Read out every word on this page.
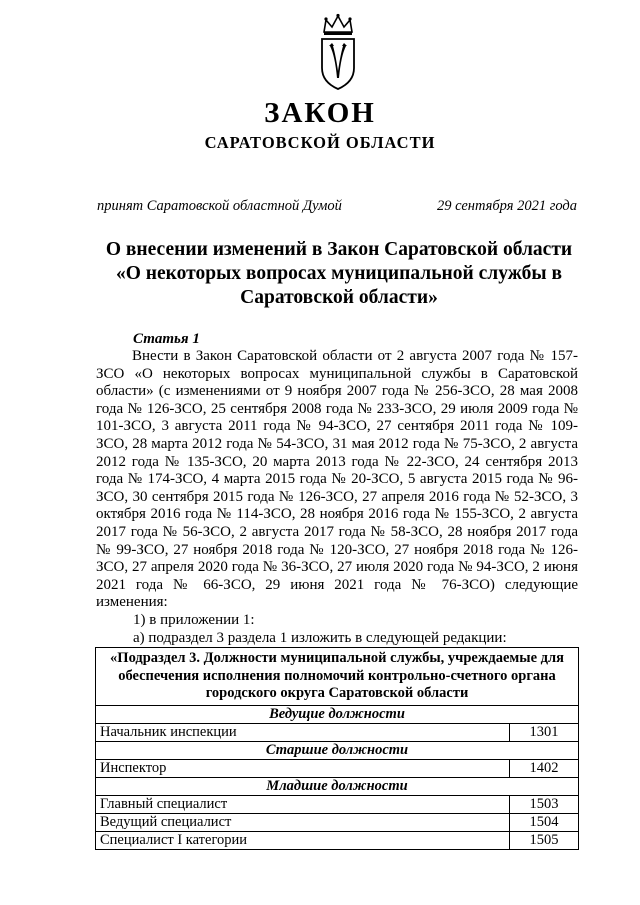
ЗАКОН
САРАТОВСКОЙ ОБЛАСТИ
принят Саратовской областной Думой	29 сентября 2021 года
О внесении изменений в Закон Саратовской области «О некоторых вопросах муниципальной службы в Саратовской области»
Статья 1
Внести в Закон Саратовской области от 2 августа 2007 года № 157-ЗСО «О некоторых вопросах муниципальной службы в Саратовской области» (с изменениями от 9 ноября 2007 года № 256-ЗСО, 28 мая 2008 года № 126-ЗСО, 25 сентября 2008 года № 233-ЗСО, 29 июля 2009 года № 101-ЗСО, 3 августа 2011 года № 94-ЗСО, 27 сентября 2011 года № 109-ЗСО, 28 марта 2012 года № 54-ЗСО, 31 мая 2012 года № 75-ЗСО, 2 августа 2012 года № 135-ЗСО, 20 марта 2013 года № 22-ЗСО, 24 сентября 2013 года № 174-ЗСО, 4 марта 2015 года № 20-ЗСО, 5 августа 2015 года № 96-ЗСО, 30 сентября 2015 года № 126-ЗСО, 27 апреля 2016 года № 52-ЗСО, 3 октября 2016 года № 114-ЗСО, 28 ноября 2016 года № 155-ЗСО, 2 августа 2017 года № 56-ЗСО, 2 августа 2017 года № 58-ЗСО, 28 ноября 2017 года № 99-ЗСО, 27 ноября 2018 года № 120-ЗСО, 27 ноября 2018 года № 126-ЗСО, 27 апреля 2020 года № 36-ЗСО, 27 июля 2020 года № 94-ЗСО, 2 июня 2021 года № 66-ЗСО, 29 июня 2021 года № 76-ЗСО) следующие изменения:
1) в приложении 1:
а) подраздел 3 раздела 1 изложить в следующей редакции:
«Подраздел 3. Должности муниципальной службы, учреждаемые для обеспечения исполнения полномочий контрольно-счетного органа городского округа Саратовской области	
Ведущие должности	
Начальник инспекции	1301
Старшие должности	
Инспектор	1402
Младшие должности	
Главный специалист	1503
Ведущий специалист	1504
Специалист I категории	1505
